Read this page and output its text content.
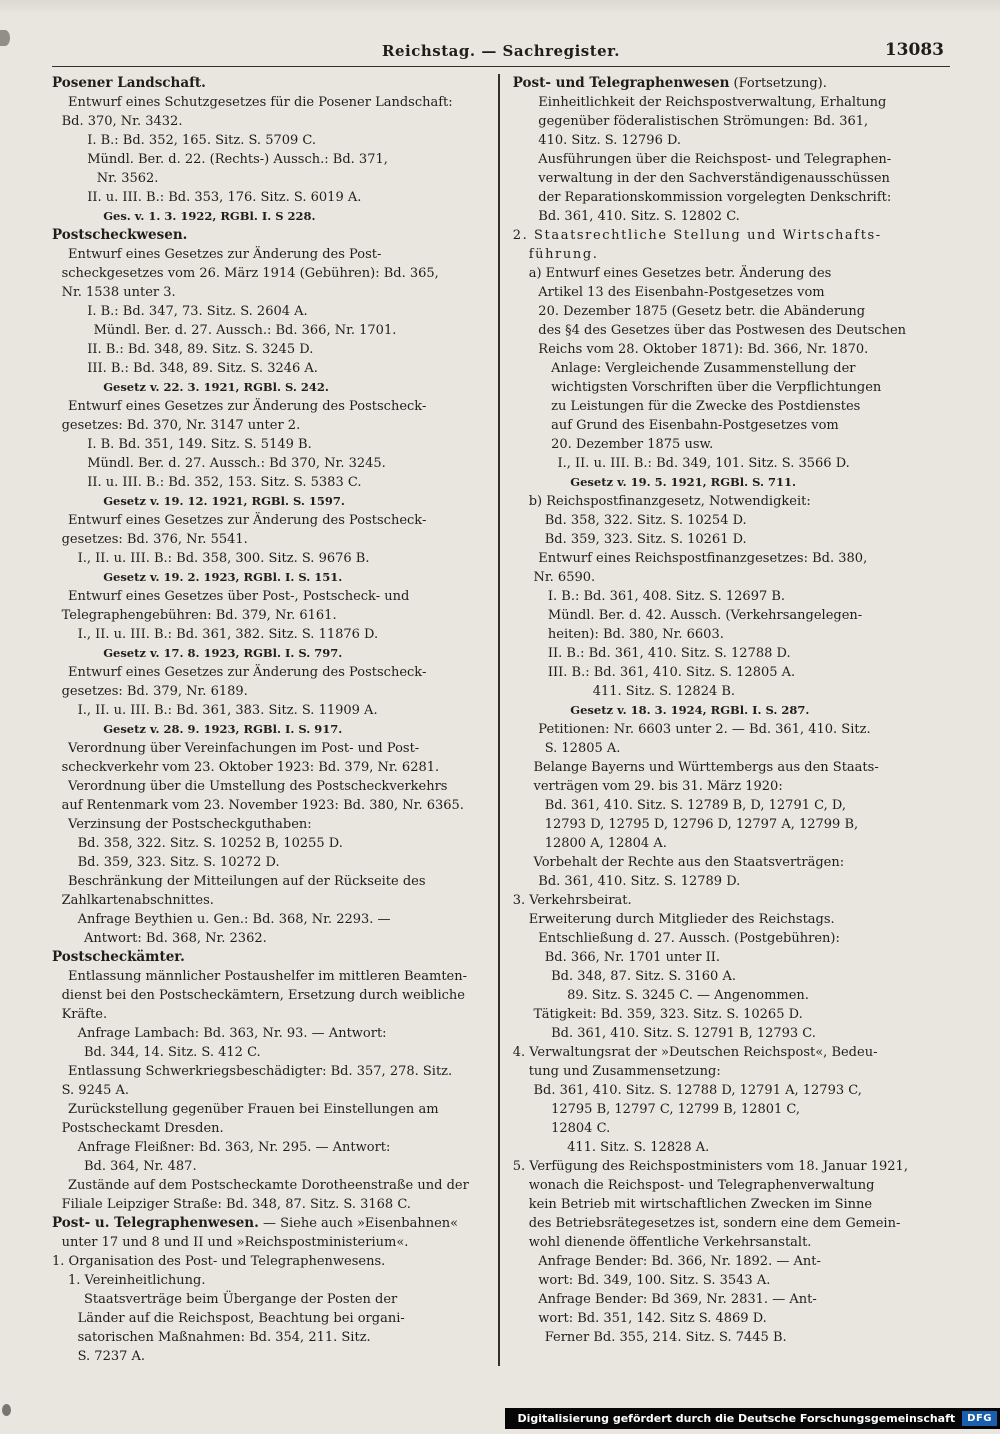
Reichstag. — Sachregister.	13083
Posener Landschaft.
Entwurf eines Schutzgesetzes für die Posener Landschaft:
Bd. 370, Nr. 3432.
I. B.: Bd. 352, 165. Sitz. S. 5709 C.
Mündl. Ber. d. 22. (Rechts-) Aussch.: Bd. 371,
Nr. 3562.
II. u. III. B.: Bd. 353, 176. Sitz. S. 6019 A.
Ges. v. 1. 3. 1922, RGBl. I. S 228.
Postscheckwesen.
Entwurf eines Gesetzes zur Änderung des Post-
scheckgesetzes vom 26. März 1914 (Gebühren): Bd. 365,
Nr. 1538 unter 3.
I. B.: Bd. 347, 73. Sitz. S. 2604 A.
Mündl. Ber. d. 27. Aussch.: Bd. 366, Nr. 1701.
II. B.: Bd. 348, 89. Sitz. S. 3245 D.
III. B.: Bd. 348, 89. Sitz. S. 3246 A.
Gesetz v. 22. 3. 1921, RGBl. S. 242.
Entwurf eines Gesetzes zur Änderung des Postscheck-
gesetzes: Bd. 370, Nr. 3147 unter 2.
I. B. Bd. 351, 149. Sitz. S. 5149 B.
Mündl. Ber. d. 27. Aussch.: Bd 370, Nr. 3245.
II. u. III. B.: Bd. 352, 153. Sitz. S. 5383 C.
Gesetz v. 19. 12. 1921, RGBl. S. 1597.
Entwurf eines Gesetzes zur Änderung des Postscheck-
gesetzes: Bd. 376, Nr. 5541.
I., II. u. III. B.: Bd. 358, 300. Sitz. S. 9676 B.
Gesetz v. 19. 2. 1923, RGBl. I. S. 151.
Entwurf eines Gesetzes über Post-, Postscheck- und
Telegraphengebühren: Bd. 379, Nr. 6161.
I., II. u. III. B.: Bd. 361, 382. Sitz. S. 11876 D.
Gesetz v. 17. 8. 1923, RGBl. I. S. 797.
Entwurf eines Gesetzes zur Änderung des Postscheck-
gesetzes: Bd. 379, Nr. 6189.
I., II. u. III. B.: Bd. 361, 383. Sitz. S. 11909 A.
Gesetz v. 28. 9. 1923, RGBl. I. S. 917.
Verordnung über Vereinfachungen im Post- und Post-
scheckverkehr vom 23. Oktober 1923: Bd. 379, Nr. 6281.
Verordnung über die Umstellung des Postscheckverkehrs
auf Rentenmark vom 23. November 1923: Bd. 380, Nr. 6365.
Verzinsung der Postscheckguthaben:
Bd. 358, 322. Sitz. S. 10252 B, 10255 D.
Bd. 359, 323. Sitz. S. 10272 D.
Beschränkung der Mitteilungen auf der Rückseite des
Zahlkartenabschnittes.
Anfrage Beythien u. Gen.: Bd. 368, Nr. 2293. —
Antwort: Bd. 368, Nr. 2362.
Postscheckämter.
Entlassung männlicher Postaushelfer im mittleren Beamten-
dienst bei den Postscheckämtern, Ersetzung durch weibliche
Kräfte.
Anfrage Lambach: Bd. 363, Nr. 93. — Antwort:
Bd. 344, 14. Sitz. S. 412 C.
Entlassung Schwerkriegsbeschädigter: Bd. 357, 278. Sitz.
S. 9245 A.
Zurückstellung gegenüber Frauen bei Einstellungen am
Postscheckamt Dresden.
Anfrage Fleißner: Bd. 363, Nr. 295. — Antwort:
Bd. 364, Nr. 487.
Zustände auf dem Postscheckamte Dorotheenstraße und der
Filiale Leipziger Straße: Bd. 348, 87. Sitz. S. 3168 C.
Post- u. Telegraphenwesen. — Siehe auch »Eisenbahnen«
unter 17 und 8 und II und »Reichspostministerium«.
1. Organisation des Post- und Telegraphenwesens.
1. Vereinheitlichung.
Staatsverträge beim Übergange der Posten der
Länder auf die Reichspost, Beachtung bei organi-
satorischen Maßnahmen: Bd. 354, 211. Sitz.
S. 7237 A.
Post- und Telegraphenwesen (Fortsetzung).
Einheitlichkeit der Reichspostverwaltung, Erhaltung
gegenüber föderalistischen Strömungen: Bd. 361,
410. Sitz. S. 12796 D.
Ausführungen über die Reichspost- und Telegraphen-
verwaltung in der den Sachverständigenausschüssen
der Reparationskommission vorgelegten Denkschrift:
Bd. 361, 410. Sitz. S. 12802 C.
2. Staatsrechtliche Stellung und Wirtschafts-
führung.
a) Entwurf eines Gesetzes betr. Änderung des
Artikel 13 des Eisenbahn-Postgesetzes vom
20. Dezember 1875 (Gesetz betr. die Abänderung
des §4 des Gesetzes über das Postwesen des Deutschen
Reichs vom 28. Oktober 1871): Bd. 366, Nr. 1870.
Anlage: Vergleichende Zusammenstellung der
wichtigsten Vorschriften über die Verpflichtungen
zu Leistungen für die Zwecke des Postdienstes
auf Grund des Eisenbahn-Postgesetzes vom
20. Dezember 1875 usw.
I., II. u. III. B.: Bd. 349, 101. Sitz. S. 3566 D.
Gesetz v. 19. 5. 1921, RGBl. S. 711.
b) Reichspostfinanzgesetz, Notwendigkeit:
Bd. 358, 322. Sitz. S. 10254 D.
Bd. 359, 323. Sitz. S. 10261 D.
Entwurf eines Reichspostfinanzgesetzes: Bd. 380,
Nr. 6590.
I. B.: Bd. 361, 408. Sitz. S. 12697 B.
Mündl. Ber. d. 42. Aussch. (Verkehrsangelegen-
heiten): Bd. 380, Nr. 6603.
II. B.: Bd. 361, 410. Sitz. S. 12788 D.
III. B.: Bd. 361, 410. Sitz. S. 12805 A.
411. Sitz. S. 12824 B.
Gesetz v. 18. 3. 1924, RGBl. I. S. 287.
Petitionen: Nr. 6603 unter 2. — Bd. 361, 410. Sitz.
S. 12805 A.
Belange Bayerns und Württembergs aus den Staats-
verträgen vom 29. bis 31. März 1920:
Bd. 361, 410. Sitz. S. 12789 B, D, 12791 C, D,
12793 D, 12795 D, 12796 D, 12797 A, 12799 B,
12800 A, 12804 A.
Vorbehalt der Rechte aus den Staatsverträgen:
Bd. 361, 410. Sitz. S. 12789 D.
3. Verkehrsbeirat.
Erweiterung durch Mitglieder des Reichstags.
Entschließung d. 27. Aussch. (Postgebühren):
Bd. 366, Nr. 1701 unter II.
Bd. 348, 87. Sitz. S. 3160 A.
89. Sitz. S. 3245 C. — Angenommen.
Tätigkeit: Bd. 359, 323. Sitz. S. 10265 D.
Bd. 361, 410. Sitz. S. 12791 B, 12793 C.
4. Verwaltungsrat der »Deutschen Reichspost«, Bedeu-
tung und Zusammensetzung:
Bd. 361, 410. Sitz. S. 12788 D, 12791 A, 12793 C,
12795 B, 12797 C, 12799 B, 12801 C,
12804 C.
411. Sitz. S. 12828 A.
5. Verfügung des Reichspostministers vom 18. Januar 1921,
wonach die Reichspost- und Telegraphenverwaltung
kein Betrieb mit wirtschaftlichen Zwecken im Sinne
des Betriebsrätegesetzes ist, sondern eine dem Gemein-
wohl dienende öffentliche Verkehrsanstalt.
Anfrage Bender: Bd. 366, Nr. 1892. — Ant-
wort: Bd. 349, 100. Sitz. S. 3543 A.
Anfrage Bender: Bd 369, Nr. 2831. — Ant-
wort: Bd. 351, 142. Sitz S. 4869 D.
Ferner Bd. 355, 214. Sitz. S. 7445 B.
Digitalisierung gefördert durch die Deutsche Forschungsgemeinschaft	DFG
